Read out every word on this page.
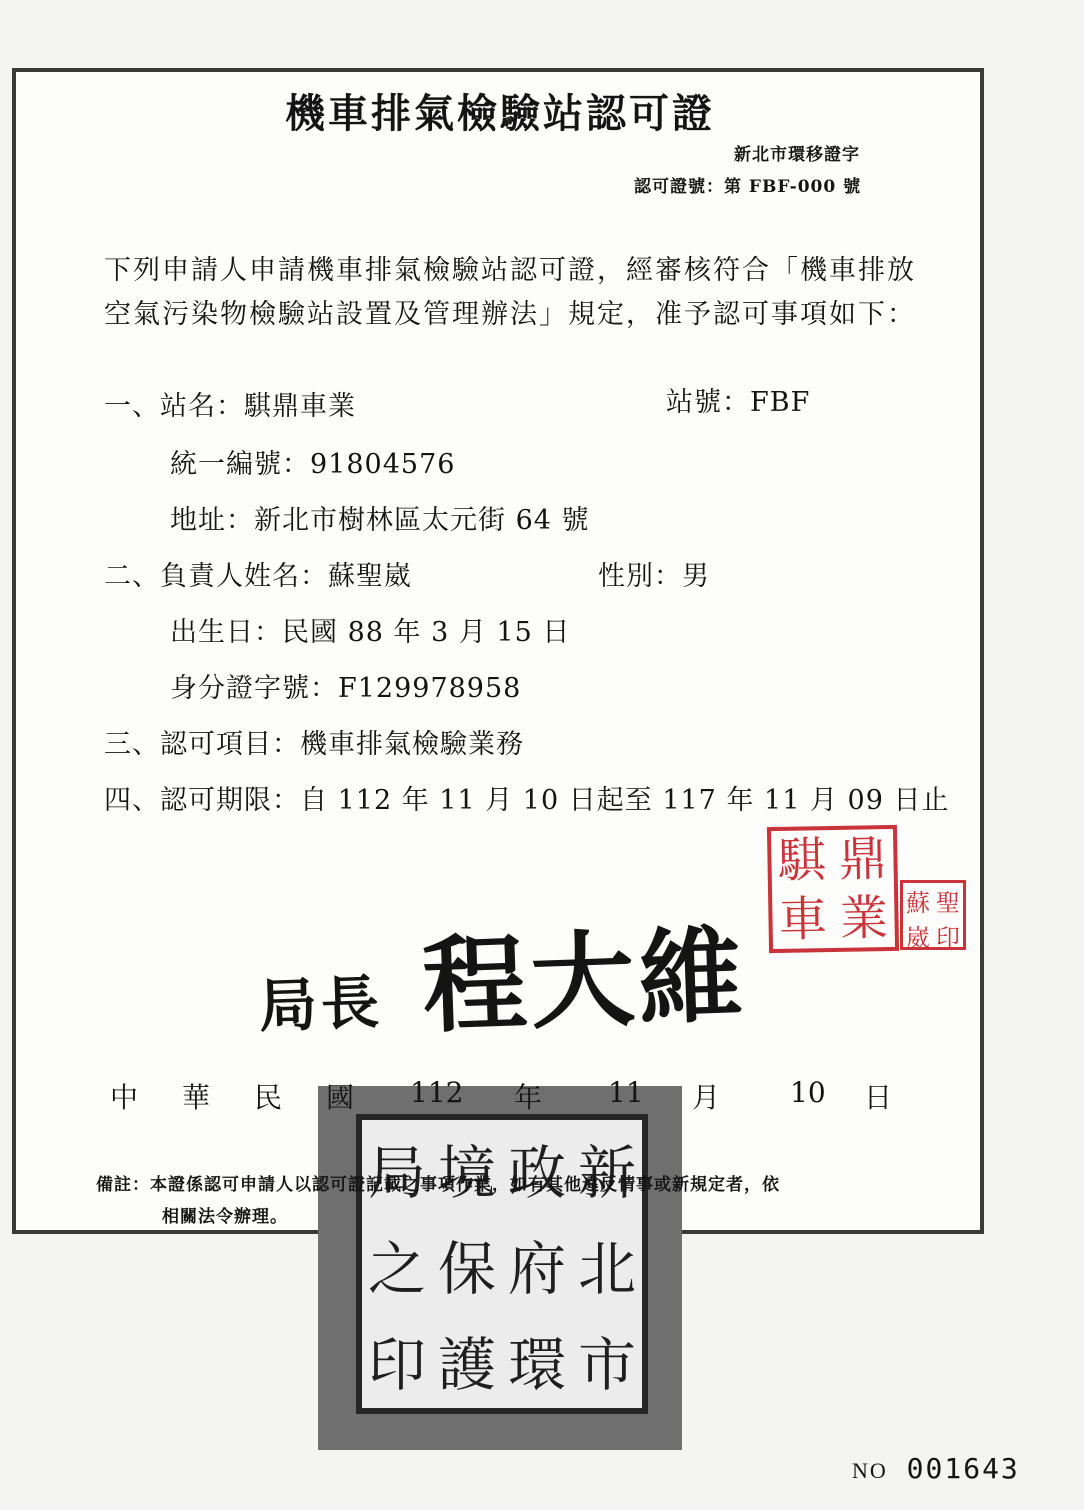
機車排氣檢驗站認可證
新北市環移證字
認可證號：第 FBF-000 號
下列申請人申請機車排氣檢驗站認可證，經審核符合「機車排放
空氣污染物檢驗站設置及管理辦法」規定，准予認可事項如下：
一、站名：騏鼎車業	站號：FBF
統一編號：91804576
地址：新北市樹林區太元街 64 號
二、負責人姓名：蘇聖崴	性別：男
出生日：民國 88 年 3 月 15 日
身分證字號：F129978958
三、認可項目：機車排氣檢驗業務
四、認可期限：自 112 年 11 月 10 日起至 117 年 11 月 09 日止
騏 鼎
車 業 蘇 聖
崴 印
局長 程大維
局 境 政 新
之 保 府 北
印 護 環 市
中 華 民 國 112 年 11 月 10 日
備註：本證係認可申請人以認可證記載之事項作業，如有其他違反情事或新規定者，依
相關法令辦理。
NO 001643
